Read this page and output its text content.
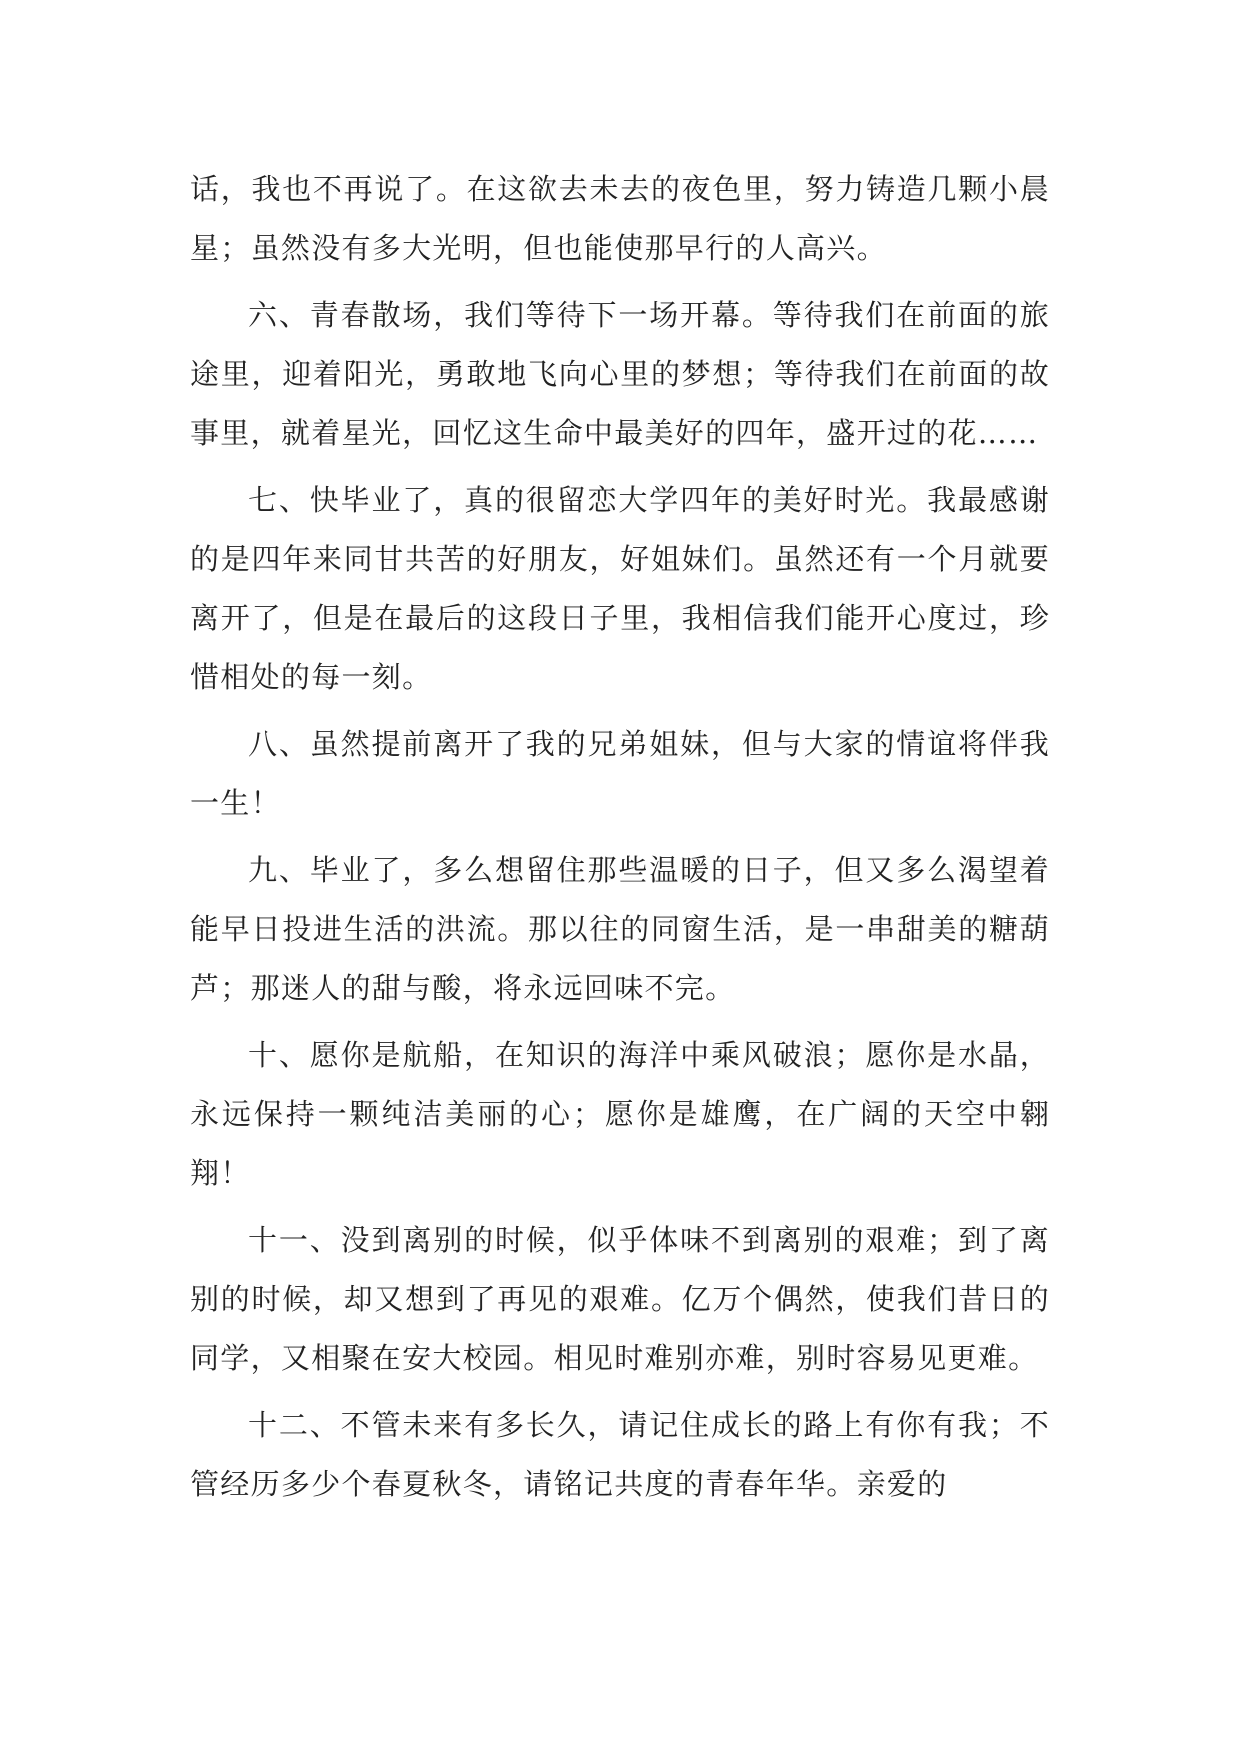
话，我也不再说了。在这欲去未去的夜色里，努力铸造几颗小晨星；虽然没有多大光明，但也能使那早行的人高兴。

六、青春散场，我们等待下一场开幕。等待我们在前面的旅途里，迎着阳光，勇敢地飞向心里的梦想；等待我们在前面的故事里，就着星光，回忆这生命中最美好的四年，盛开过的花……

七、快毕业了，真的很留恋大学四年的美好时光。我最感谢的是四年来同甘共苦的好朋友，好姐妹们。虽然还有一个月就要离开了，但是在最后的这段日子里，我相信我们能开心度过，珍惜相处的每一刻。

八、虽然提前离开了我的兄弟姐妹，但与大家的情谊将伴我一生！

九、毕业了，多么想留住那些温暖的日子，但又多么渴望着能早日投进生活的洪流。那以往的同窗生活，是一串甜美的糖葫芦；那迷人的甜与酸，将永远回味不完。

十、愿你是航船，在知识的海洋中乘风破浪；愿你是水晶，永远保持一颗纯洁美丽的心；愿你是雄鹰，在广阔的天空中翱翔！

十一、没到离别的时候，似乎体味不到离别的艰难；到了离别的时候，却又想到了再见的艰难。亿万个偶然，使我们昔日的同学，又相聚在安大校园。相见时难别亦难，别时容易见更难。

十二、不管未来有多长久，请记住成长的路上有你有我；不管经历多少个春夏秋冬，请铭记共度的青春年华。亲爱的
